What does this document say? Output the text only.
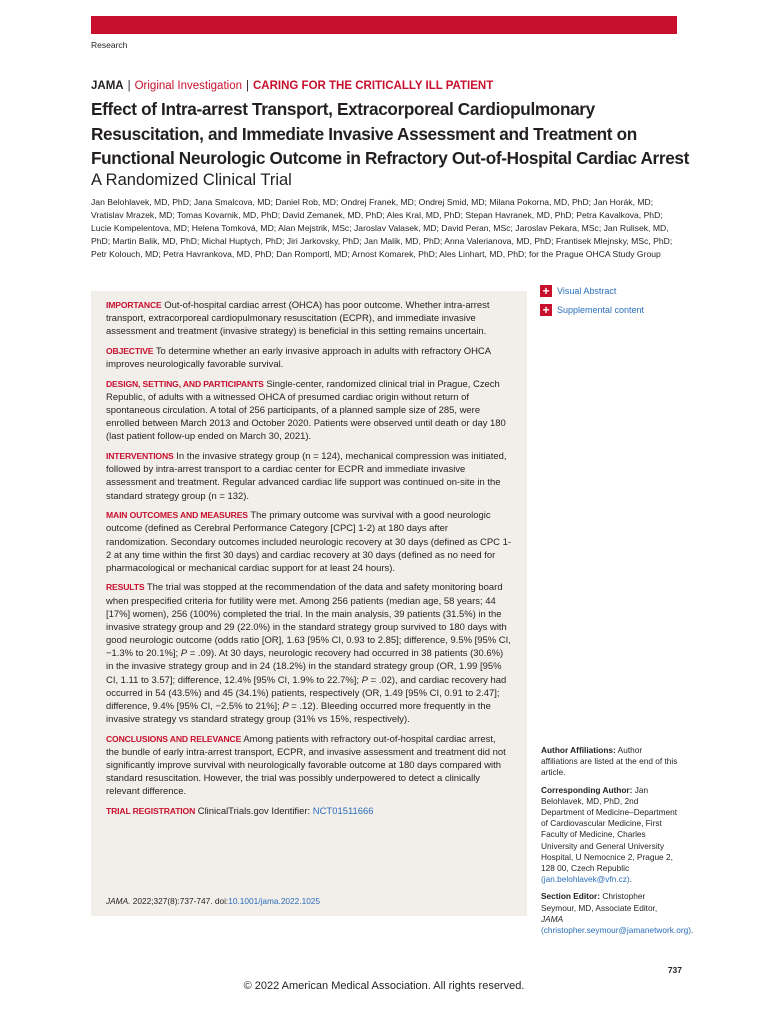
Research
JAMA | Original Investigation | CARING FOR THE CRITICALLY ILL PATIENT
Effect of Intra-arrest Transport, Extracorporeal Cardiopulmonary Resuscitation, and Immediate Invasive Assessment and Treatment on Functional Neurologic Outcome in Refractory Out-of-Hospital Cardiac Arrest
A Randomized Clinical Trial

Jan Belohlavek, MD, PhD; Jana Smalcova, MD; Daniel Rob, MD; Ondrej Franek, MD; Ondrej Smid, MD; Milana Pokorna, MD, PhD; Jan Horák, MD; Vratislav Mrazek, MD; Tomas Kovarnik, MD, PhD; David Zemanek, MD, PhD; Ales Kral, MD, PhD; Stepan Havranek, MD, PhD; Petra Kavalkova, PhD; Lucie Kompelentova, MD; Helena Tomková, MD; Alan Mejstrik, MSc; Jaroslav Valasek, MD; David Peran, MSc; Jaroslav Pekara, MSc; Jan Rulisek, MD, PhD; Martin Balik, MD, PhD; Michal Huptych, PhD; Jiri Jarkovsky, PhD; Jan Malik, MD, PhD; Anna Valerianova, MD, PhD; Frantisek Mlejnsky, MSc, PhD; Petr Kolouch, MD; Petra Havrankova, MD, PhD; Dan Romportl, MD; Arnost Komarek, PhD; Ales Linhart, MD, PhD; for the Prague OHCA Study Group

IMPORTANCE Out-of-hospital cardiac arrest (OHCA) has poor outcome. Whether intra-arrest transport, extracorporeal cardiopulmonary resuscitation (ECPR), and immediate invasive assessment and treatment (invasive strategy) is beneficial in this setting remains uncertain.

OBJECTIVE To determine whether an early invasive approach in adults with refractory OHCA improves neurologically favorable survival.

DESIGN, SETTING, AND PARTICIPANTS Single-center, randomized clinical trial in Prague, Czech Republic, of adults with a witnessed OHCA of presumed cardiac origin without return of spontaneous circulation. A total of 256 participants, of a planned sample size of 285, were enrolled between March 2013 and October 2020. Patients were observed until death or day 180 (last patient follow-up ended on March 30, 2021).

INTERVENTIONS In the invasive strategy group (n = 124), mechanical compression was initiated, followed by intra-arrest transport to a cardiac center for ECPR and immediate invasive assessment and treatment. Regular advanced cardiac life support was continued on-site in the standard strategy group (n = 132).

MAIN OUTCOMES AND MEASURES The primary outcome was survival with a good neurologic outcome (defined as Cerebral Performance Category [CPC] 1-2) at 180 days after randomization. Secondary outcomes included neurologic recovery at 30 days (defined as CPC 1-2 at any time within the first 30 days) and cardiac recovery at 30 days (defined as no need for pharmacological or mechanical cardiac support for at least 24 hours).

RESULTS The trial was stopped at the recommendation of the data and safety monitoring board when prespecified criteria for futility were met. Among 256 patients (median age, 58 years; 44 [17%] women), 256 (100%) completed the trial. In the main analysis, 39 patients (31.5%) in the invasive strategy group and 29 (22.0%) in the standard strategy group survived to 180 days with good neurologic outcome (odds ratio [OR], 1.63 [95% CI, 0.93 to 2.85]; difference, 9.5% [95% CI, −1.3% to 20.1%]; P = .09). At 30 days, neurologic recovery had occurred in 38 patients (30.6%) in the invasive strategy group and in 24 (18.2%) in the standard strategy group (OR, 1.99 [95% CI, 1.11 to 3.57]; difference, 12.4% [95% CI, 1.9% to 22.7%]; P = .02), and cardiac recovery had occurred in 54 (43.5%) and 45 (34.1%) patients, respectively (OR, 1.49 [95% CI, 0.91 to 2.47]; difference, 9.4% [95% CI, −2.5% to 21%]; P = .12). Bleeding occurred more frequently in the invasive strategy vs standard strategy group (31% vs 15%, respectively).

CONCLUSIONS AND RELEVANCE Among patients with refractory out-of-hospital cardiac arrest, the bundle of early intra-arrest transport, ECPR, and invasive assessment and treatment did not significantly improve survival with neurologically favorable outcome at 180 days compared with standard resuscitation. However, the trial was possibly underpowered to detect a clinically relevant difference.

TRIAL REGISTRATION ClinicalTrials.gov Identifier: NCT01511666

JAMA. 2022;327(8):737-747. doi:10.1001/jama.2022.1025
+ Visual Abstract
+ Supplemental content

Author Affiliations: Author affiliations are listed at the end of this article.

Corresponding Author: Jan Belohlavek, MD, PhD, 2nd Department of Medicine–Department of Cardiovascular Medicine, First Faculty of Medicine, Charles University and General University Hospital, U Nemocnice 2, Prague 2, 128 00, Czech Republic (jan.belohlavek@vfn.cz).

Section Editor: Christopher Seymour, MD, Associate Editor, JAMA (christopher.seymour@jamanetwork.org).

737
© 2022 American Medical Association. All rights reserved.
